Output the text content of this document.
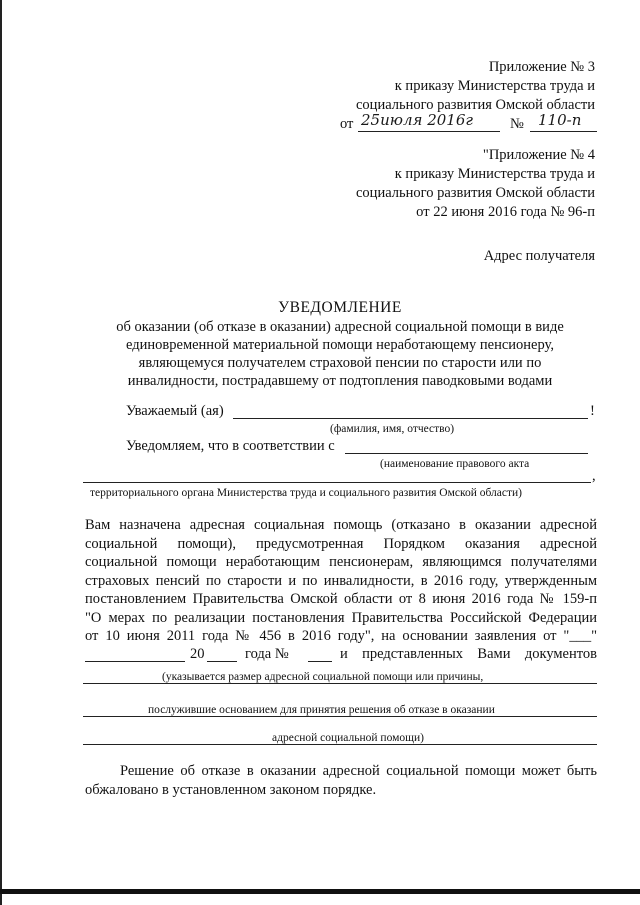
Приложение № 3
к приказу Министерства труда и
социального развития Омской области
от 25июля 2016г	№ 110-п
"Приложение № 4
к приказу Министерства труда и
социального развития Омской области
от 22 июня 2016 года № 96-п
Адрес получателя
УВЕДОМЛЕНИЕ
об оказании (об отказе в оказании) адресной социальной помощи в виде
единовременной материальной помощи неработающему пенсионеру,
являющемуся получателем страховой пенсии по старости или по
инвалидности, пострадавшему от подтопления паводковыми водами
Уважаемый (ая)	!
(фамилия, имя, отчество)
Уведомляем, что в соответствии с
(наименование правового акта
,
территориального органа Министерства труда и социального развития Омской области)
Вам назначена адресная социальная помощь (отказано в оказании адресной
социальной помощи), предусмотренная Порядком оказания адресной
социальной помощи неработающим пенсионерам, являющимся получателями
страховых пенсий по старости и по инвалидности, в 2016 году, утвержденным
постановлением Правительства Омской области от 8 июня 2016 года № 159-п
"О мерах по реализации постановления Правительства Российской Федерации
от 10 июня 2011 года № 456 в 2016 году", на основании заявления от "___"
20	года №	и представленных Вами документов
(указывается размер адресной социальной помощи или причины,
послужившие основанием для принятия решения об отказе в оказании
адресной социальной помощи)
Решение об отказе в оказании адресной социальной помощи может быть
обжаловано в установленном законом порядке.
